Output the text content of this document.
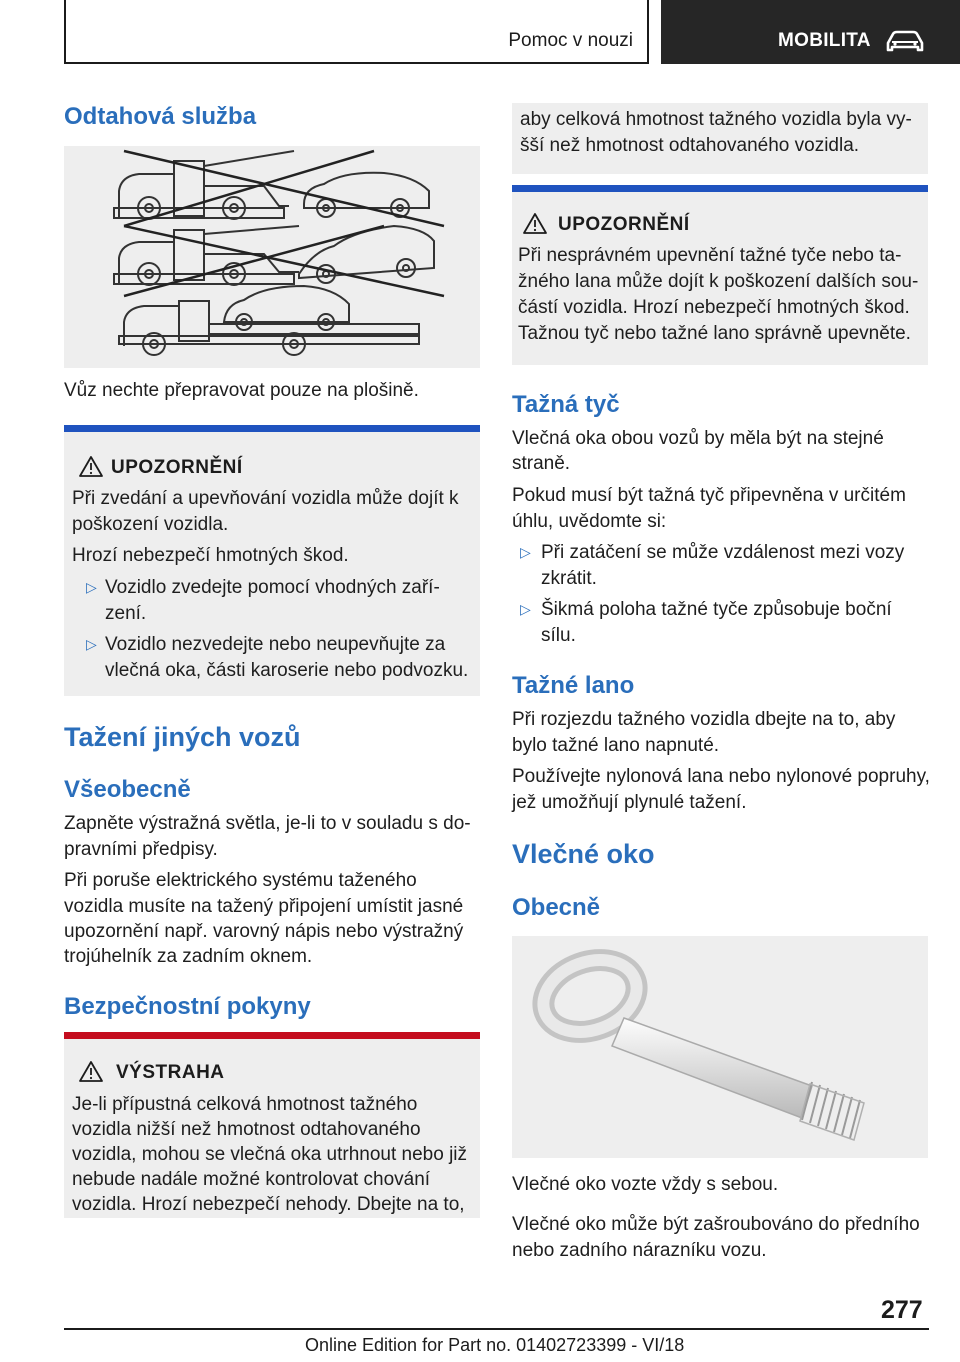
Pomoc v nouzi	MOBILITA
Odtahová služba
Vůz nechte přepravovat pouze na plošině.
UPOZORNĚNÍ
Při zvedání a upevňování vozidla může dojít k
poškození vozidla.
Hrozí nebezpečí hmotných škod.
▷ Vozidlo zvedejte pomocí vhodných zaří-
zení.
▷ Vozidlo nezvedejte nebo neupevňujte za
vlečná oka, části karoserie nebo podvozku.
Tažení jiných vozů
Všeobecně
Zapněte výstražná světla, je-li to v souladu s do-
pravními předpisy.
Při poruše elektrického systému taženého
vozidla musíte na tažený připojení umístit jasné
upozornění např. varovný nápis nebo výstražný
trojúhelník za zadním oknem.
Bezpečnostní pokyny
VÝSTRAHA
Je-li přípustná celková hmotnost tažného
vozidla nižší než hmotnost odtahovaného
vozidla, mohou se vlečná oka utrhnout nebo již
nebude nadále možné kontrolovat chování
vozidla. Hrozí nebezpečí nehody. Dbejte na to,
aby celková hmotnost tažného vozidla byla vy-
šší než hmotnost odtahovaného vozidla.
UPOZORNĚNÍ
Při nesprávném upevnění tažné tyče nebo ta-
žného lana může dojít k poškození dalších sou-
částí vozidla. Hrozí nebezpečí hmotných škod.
Tažnou tyč nebo tažné lano správně upevněte.
Tažná tyč
Vlečná oka obou vozů by měla být na stejné
straně.
Pokud musí být tažná tyč připevněna v určitém
úhlu, uvědomte si:
▷ Při zatáčení se může vzdálenost mezi vozy
zkrátit.
▷ Šikmá poloha tažné tyče způsobuje boční
sílu.
Tažné lano
Při rozjezdu tažného vozidla dbejte na to, aby
bylo tažné lano napnuté.
Používejte nylonová lana nebo nylonové popruhy,
jež umožňují plynulé tažení.
Vlečné oko
Obecně
Vlečné oko vozte vždy s sebou.
Vlečné oko může být zašroubováno do předního
nebo zadního nárazníku vozu.
277
Online Edition for Part no. 01402723399 - VI/18
